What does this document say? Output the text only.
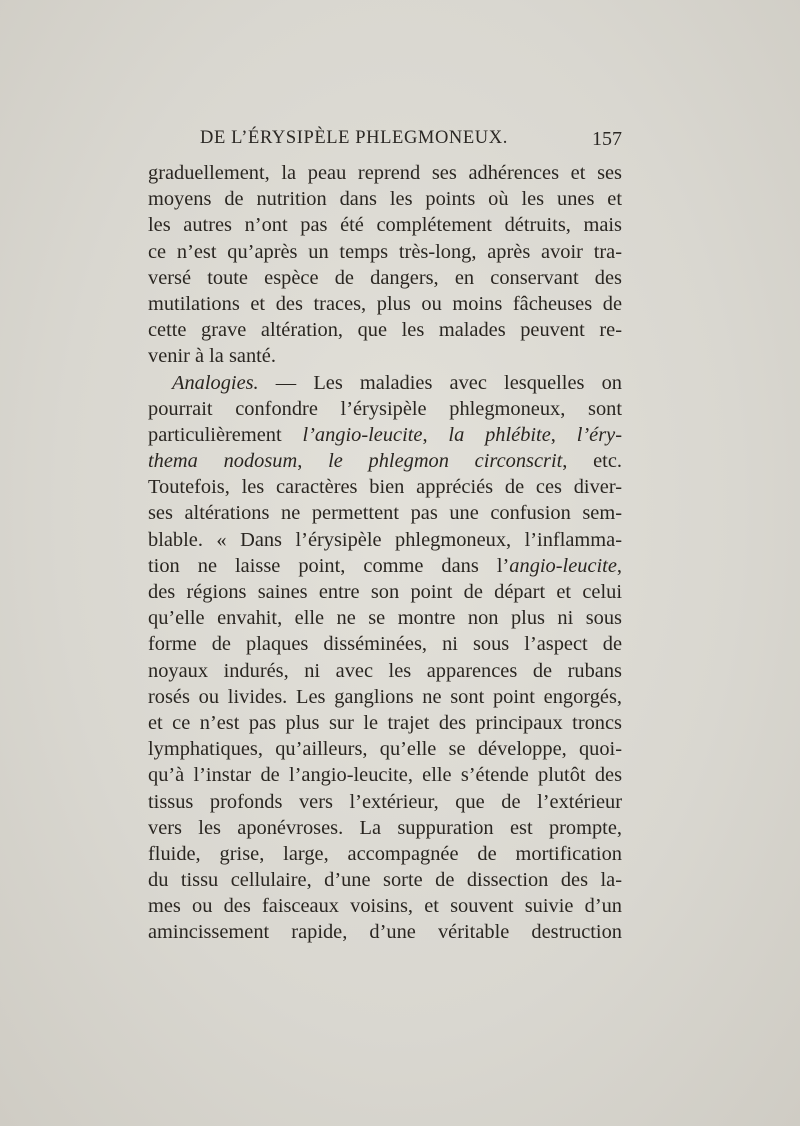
DE L’ÉRYSIPÈLE PHLEGMONEUX.	157
graduellement, la peau reprend ses adhérences et ses
moyens de nutrition dans les points où les unes et
les autres n’ont pas été complétement détruits, mais
ce n’est qu’après un temps très-long, après avoir tra-
versé toute espèce de dangers, en conservant des
mutilations et des traces, plus ou moins fâcheuses de
cette grave altération, que les malades peuvent re-
venir à la santé.
Analogies. — Les maladies avec lesquelles on
pourrait confondre l’érysipèle phlegmoneux, sont
particulièrement l’angio-leucite, la phlébite, l’éry-
thema nodosum, le phlegmon circonscrit, etc.
Toutefois, les caractères bien appréciés de ces diver-
ses altérations ne permettent pas une confusion sem-
blable. « Dans l’érysipèle phlegmoneux, l’inflamma-
tion ne laisse point, comme dans l’angio-leucite,
des régions saines entre son point de départ et celui
qu’elle envahit, elle ne se montre non plus ni sous
forme de plaques disséminées, ni sous l’aspect de
noyaux indurés, ni avec les apparences de rubans
rosés ou livides. Les ganglions ne sont point engorgés,
et ce n’est pas plus sur le trajet des principaux troncs
lymphatiques, qu’ailleurs, qu’elle se développe, quoi-
qu’à l’instar de l’angio-leucite, elle s’étende plutôt des
tissus profonds vers l’extérieur, que de l’extérieur
vers les aponévroses. La suppuration est prompte,
fluide, grise, large, accompagnée de mortification
du tissu cellulaire, d’une sorte de dissection des la-
mes ou des faisceaux voisins, et souvent suivie d’un
amincissement rapide, d’une véritable destruction
